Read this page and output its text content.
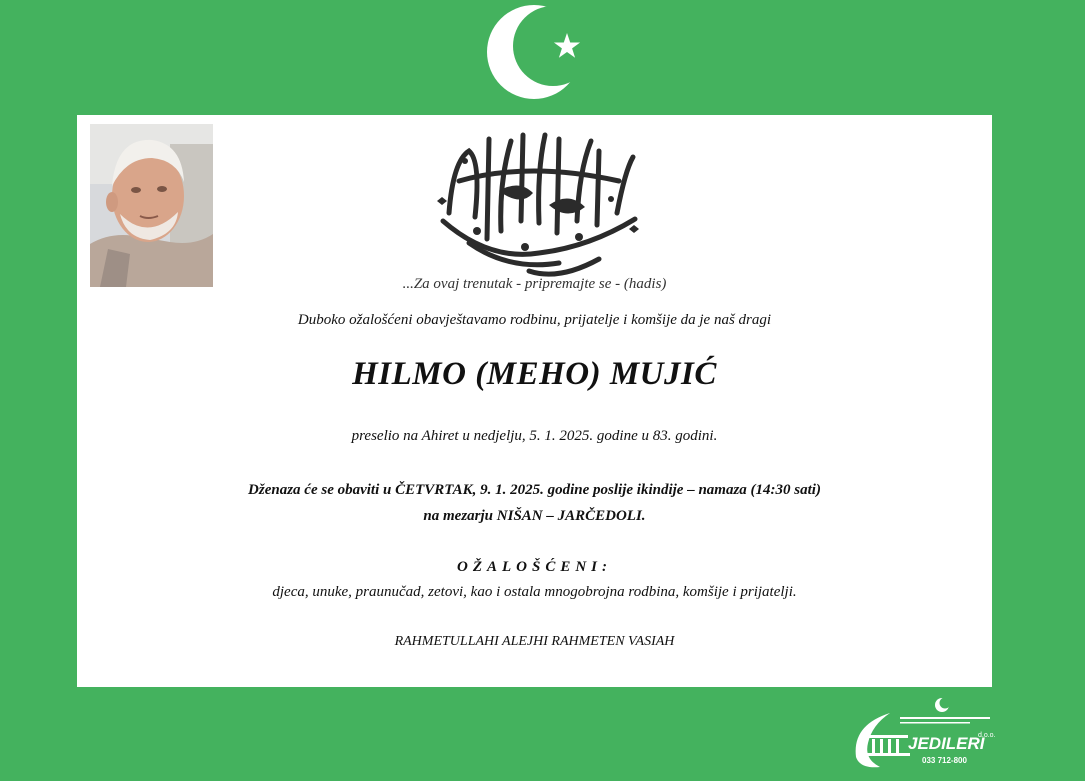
...Za ovaj trenutak - pripremajte se - (hadis)
Duboko ožalošćeni obavještavamo rodbinu, prijatelje i komšije da je naš dragi
HILMO (MEHO) MUJIĆ
preselio na Ahiret u nedjelju, 5. 1. 2025. godine u 83. godini.
Dženaza će se obaviti u ČETVRTAK, 9. 1. 2025. godine poslije ikindije – namaza (14:30 sati)
na mezarju NIŠAN – JARČEDOLI.
OŽALOŠĆENI:
djeca, unuke, praunučad, zetovi, kao i ostala mnogobrojna rodbina, komšije i prijatelji.
RAHMETULLAHI ALEJHI RAHMETEN VASIAH
JEDILERI
d.o.o.
033 712-800
